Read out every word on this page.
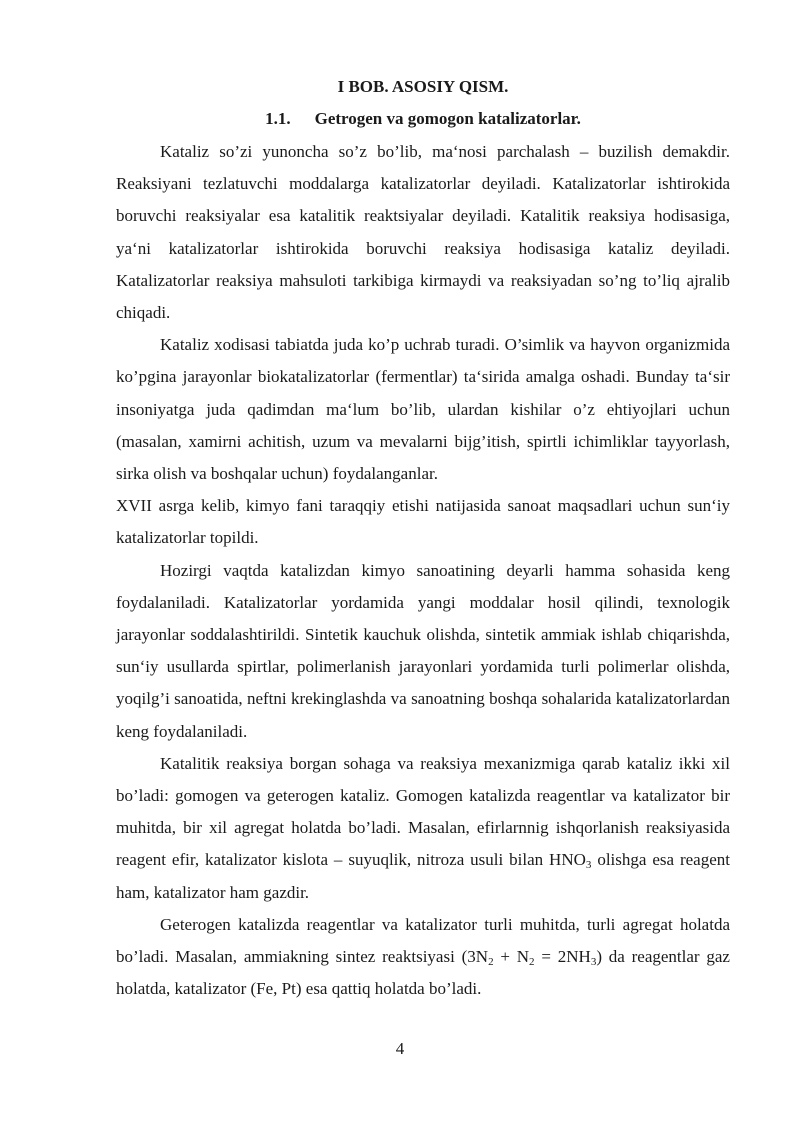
I BOB. ASOSIY QISM.
1.1. Getrogen va gomogon katalizatorlar.

Kataliz so’zi yunoncha so’z bo’lib, ma‘nosi parchalash – buzilish demakdir. Reaksiyani tezlatuvchi moddalarga katalizatorlar deyiladi. Katalizatorlar ishtirokida boruvchi reaksiyalar esa katalitik reaktsiyalar deyiladi. Katalitik reaksiya hodisasiga, ya‘ni katalizatorlar ishtirokida boruvchi reaksiya hodisasiga kataliz deyiladi. Katalizatorlar reaksiya mahsuloti tarkibiga kirmaydi va reaksiyadan so’ng to’liq ajralib chiqadi.

Kataliz xodisasi tabiatda juda ko’p uchrab turadi. O’simlik va hayvon organizmida ko’pgina jarayonlar biokatalizatorlar (fermentlar) ta‘sirida amalga oshadi. Bunday ta‘sir insoniyatga juda qadimdan ma‘lum bo’lib, ulardan kishilar o’z ehtiyojlari uchun (masalan, xamirni achitish, uzum va mevalarni bijg’itish, spirtli ichimliklar tayyorlash, sirka olish va boshqalar uchun) foydalanganlar.

XVII asrga kelib, kimyo fani taraqqiy etishi natijasida sanoat maqsadlari uchun sun‘iy katalizatorlar topildi.

Hozirgi vaqtda katalizdan kimyo sanoatining deyarli hamma sohasida keng foydalaniladi. Katalizatorlar yordamida yangi moddalar hosil qilindi, texnologik jarayonlar soddalashtirildi. Sintetik kauchuk olishda, sintetik ammiak ishlab chiqarishda, sun‘iy usullarda spirtlar, polimerlanish jarayonlari yordamida turli polimerlar olishda, yoqilg’i sanoatida, neftni krekinglashda va sanoatning boshqa sohalarida katalizatorlardan keng foydalaniladi.

Katalitik reaksiya borgan sohaga va reaksiya mexanizmiga qarab kataliz ikki xil bo’ladi: gomogen va geterogen kataliz. Gomogen katalizda reagentlar va katalizator bir muhitda, bir xil agregat holatda bo’ladi. Masalan, efirlarnnig ishqorlanish reaksiyasida reagent efir, katalizator kislota – suyuqlik, nitroza usuli bilan $HNO_3$ olishga esa reagent ham, katalizator ham gazdir.

Geterogen katalizda reagentlar va katalizator turli muhitda, turli agregat holatda bo’ladi. Masalan, ammiakning sintez reaktsiyasi $(3N_2 + N_2 = 2NH_3)$ da reagentlar gaz holatda, katalizator (Fe, Pt) esa qattiq holatda bo’ladi.

4
